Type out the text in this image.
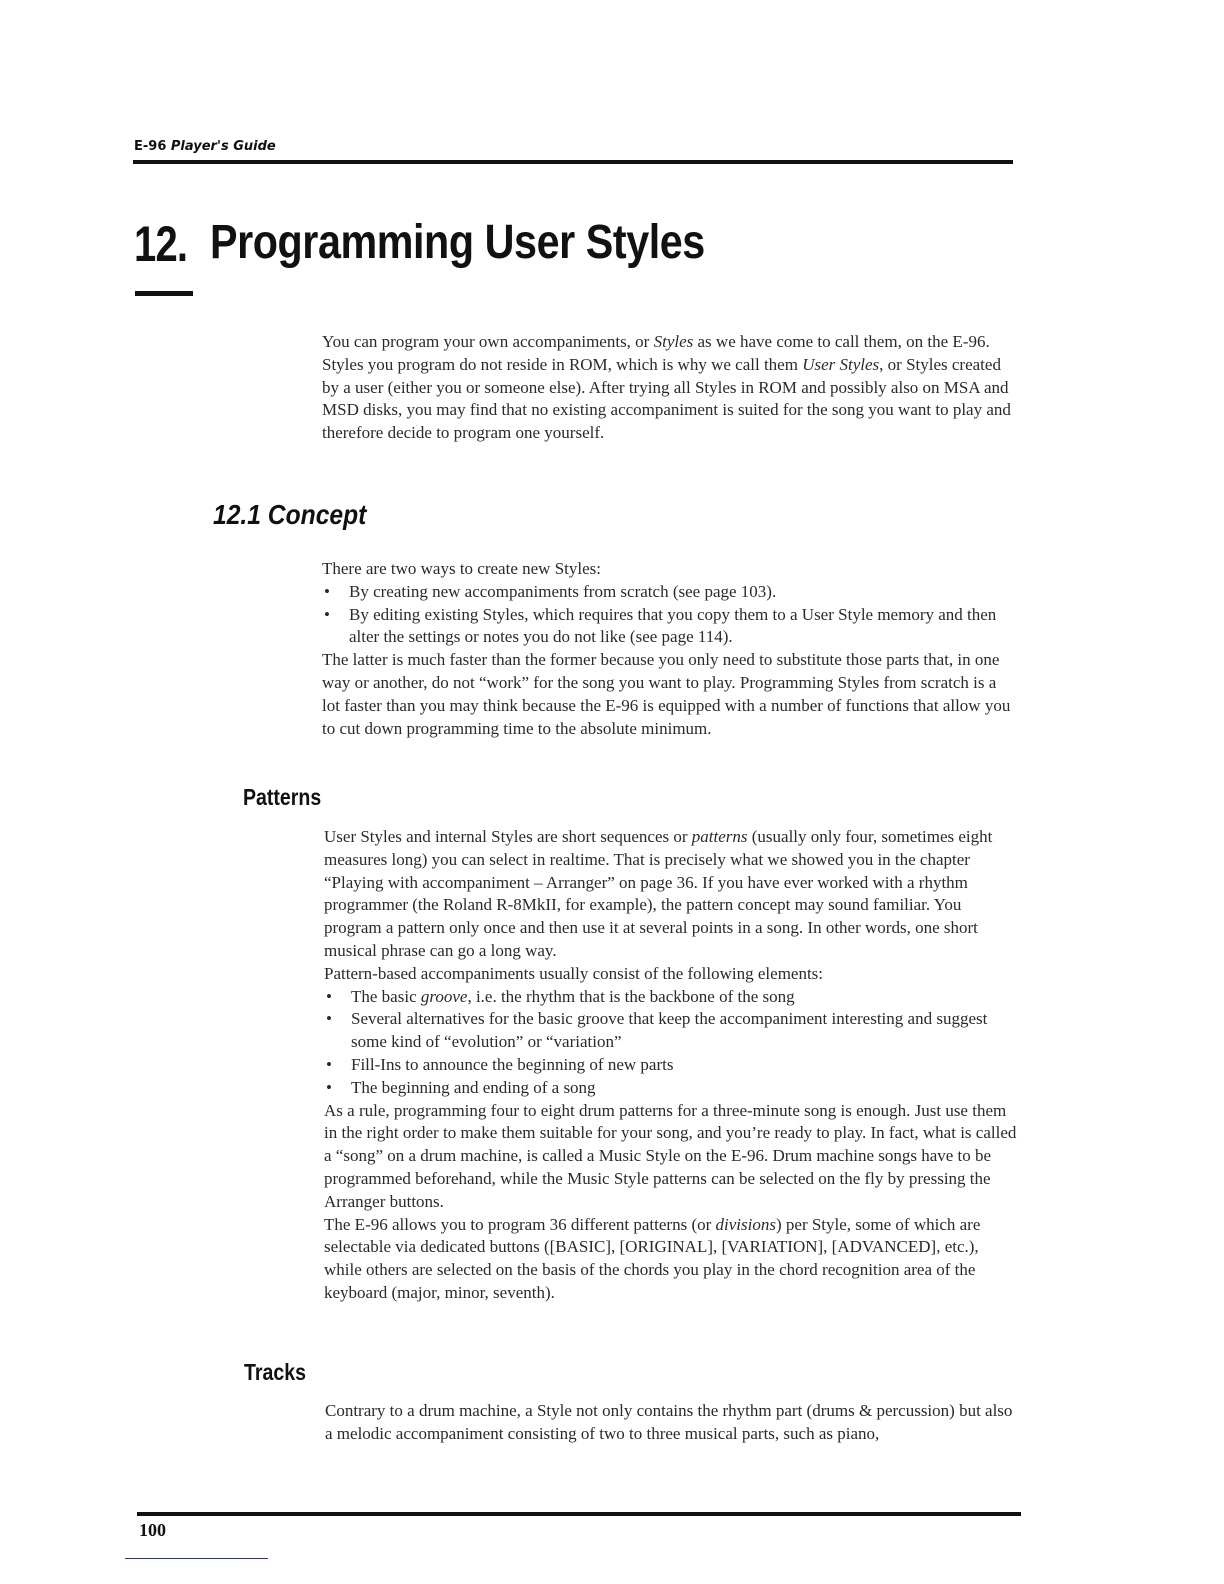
E-96 Player's Guide
12. Programming User Styles

You can program your own accompaniments, or Styles as we have come to call them, on the E-96. Styles you program do not reside in ROM, which is why we call them User Styles, or Styles created by a user (either you or someone else). After trying all Styles in ROM and possibly also on MSA and MSD disks, you may find that no existing accompaniment is suited for the song you want to play and therefore decide to program one yourself.

12.1 Concept

There are two ways to create new Styles:

• By creating new accompaniments from scratch (see page 103).
• By editing existing Styles, which requires that you copy them to a User Style memory and then alter the settings or notes you do not like (see page 114).

The latter is much faster than the former because you only need to substitute those parts that, in one way or another, do not “work” for the song you want to play. Programming Styles from scratch is a lot faster than you may think because the E-96 is equipped with a number of functions that allow you to cut down programming time to the absolute minimum.

Patterns

User Styles and internal Styles are short sequences or patterns (usually only four, sometimes eight measures long) you can select in realtime. That is precisely what we showed you in the chapter “Playing with accompaniment – Arranger” on page 36. If you have ever worked with a rhythm programmer (the Roland R-8MkII, for example), the pattern concept may sound familiar. You program a pattern only once and then use it at several points in a song. In other words, one short musical phrase can go a long way.

Pattern-based accompaniments usually consist of the following elements:

• The basic groove, i.e. the rhythm that is the backbone of the song
• Several alternatives for the basic groove that keep the accompaniment interesting and suggest some kind of “evolution” or “variation”
• Fill-Ins to announce the beginning of new parts
• The beginning and ending of a song

As a rule, programming four to eight drum patterns for a three-minute song is enough. Just use them in the right order to make them suitable for your song, and you’re ready to play. In fact, what is called a “song” on a drum machine, is called a Music Style on the E-96. Drum machine songs have to be programmed beforehand, while the Music Style patterns can be selected on the fly by pressing the Arranger buttons.

The E-96 allows you to program 36 different patterns (or divisions) per Style, some of which are selectable via dedicated buttons ([BASIC], [ORIGINAL], [VARIATION], [ADVANCED], etc.), while others are selected on the basis of the chords you play in the chord recognition area of the keyboard (major, minor, seventh).

Tracks

Contrary to a drum machine, a Style not only contains the rhythm part (drums & percussion) but also a melodic accompaniment consisting of two to three musical parts, such as piano,

100
